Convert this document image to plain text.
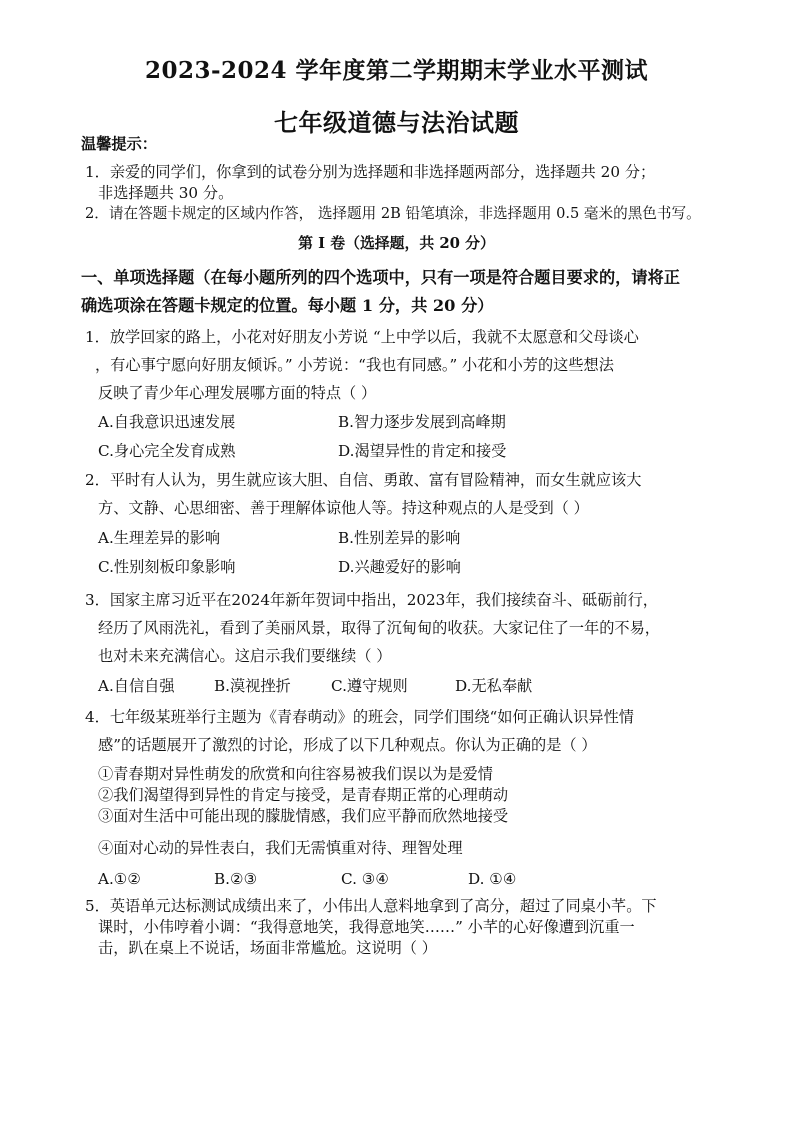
2023-2024 学年度第二学期期末学业水平测试
七年级道德与法治试题
温馨提示：
1．亲爱的同学们，你拿到的试卷分别为选择题和非选择题两部分，选择题共 20 分；
非选择题共 30 分。
2．请在答题卡规定的区域内作答， 选择题用 2B 铅笔填涂，非选择题用 0.5 毫米的黑色书写。
第 I 卷（选择题，共 20 分）
一、单项选择题（在每小题所列的四个选项中，只有一项是符合题目要求的，请将正
确选项涂在答题卡规定的位置。每小题 1 分，共 20 分）
1．放学回家的路上，小花对好朋友小芳说 “上中学以后，我就不太愿意和父母谈心
，有心事宁愿向好朋友倾诉。” 小芳说：“我也有同感。” 小花和小芳的这些想法
反映了青少年心理发展哪方面的特点（ ）
A.自我意识迅速发展	B.智力逐步发展到高峰期
C.身心完全发育成熟	D.渴望异性的肯定和接受
2．平时有人认为，男生就应该大胆、自信、勇敢、富有冒险精神，而女生就应该大
方、文静、心思细密、善于理解体谅他人等。持这种观点的人是受到（ ）
A.生理差异的影响	B.性别差异的影响
C.性别刻板印象影响	D.兴趣爱好的影响
3．国家主席习近平在2024年新年贺词中指出，2023年，我们接续奋斗、砥砺前行，
经历了风雨洗礼，看到了美丽风景，取得了沉甸甸的收获。大家记住了一年的不易，
也对未来充满信心。这启示我们要继续（ ）
A.自信自强	B.漠视挫折	C.遵守规则	D.无私奉献
4．七年级某班举行主题为《青春萌动》的班会，同学们围绕“如何正确认识异性情
感”的话题展开了激烈的讨论，形成了以下几种观点。你认为正确的是（ ）
①青春期对异性萌发的欣赏和向往容易被我们误以为是爱情
②我们渴望得到异性的肯定与接受，是青春期正常的心理萌动
③面对生活中可能出现的朦胧情感，我们应平静而欣然地接受
④面对心动的异性表白，我们无需慎重对待、理智处理
A.①②	B.②③	C. ③④	D. ①④
5．英语单元达标测试成绩出来了，小伟出人意料地拿到了高分，超过了同桌小芊。下
课时，小伟哼着小调：“我得意地笑，我得意地笑……” 小芊的心好像遭到沉重一
击，趴在桌上不说话，场面非常尴尬。这说明（ ）
